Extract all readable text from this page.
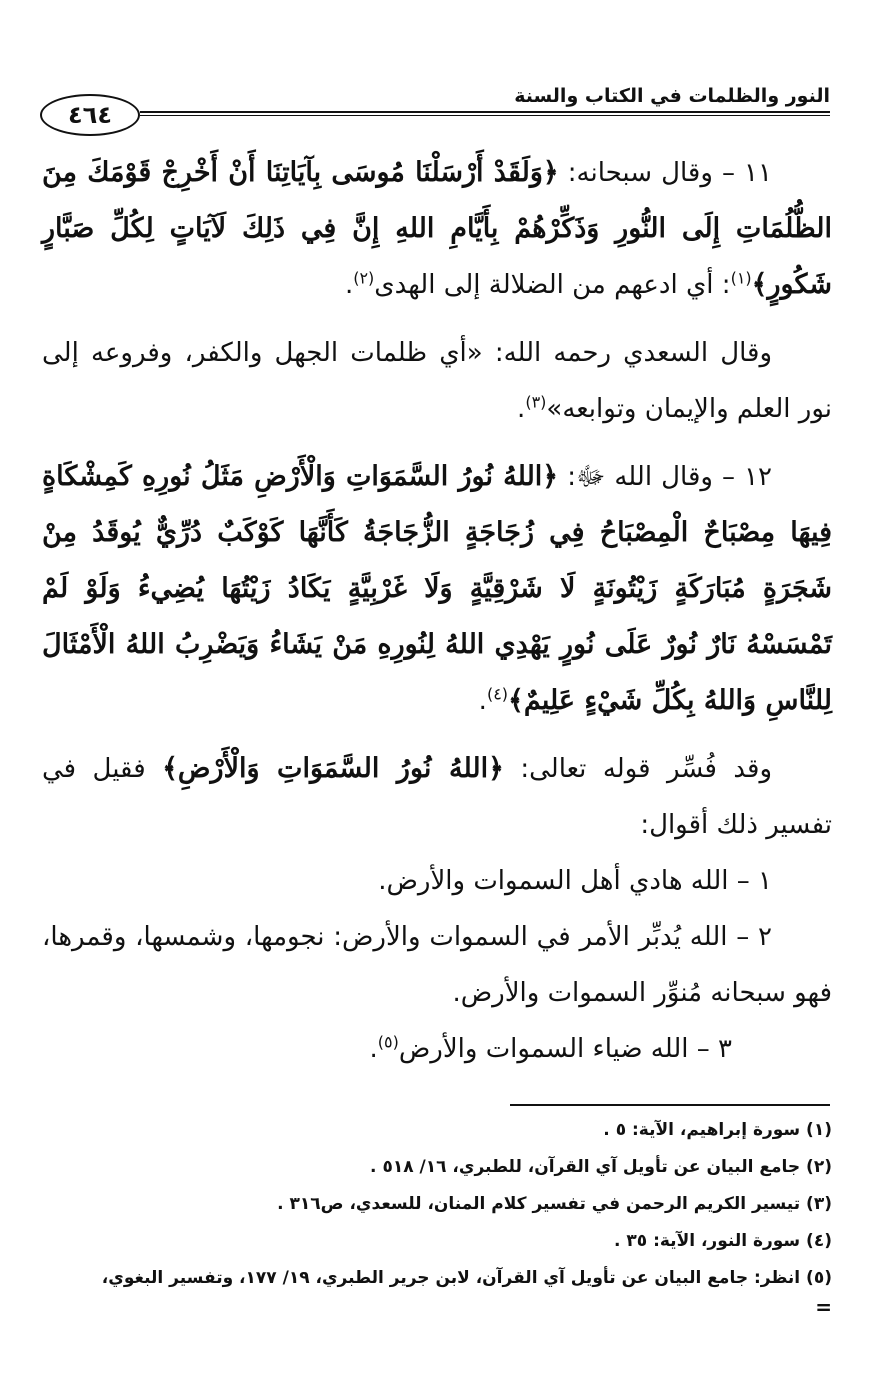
النور والظلمات في الكتاب والسنة
٤٦٤

١١ – وقال سبحانه: ﴿وَلَقَدْ أَرْسَلْنَا مُوسَى بِآيَاتِنَا أَنْ أَخْرِجْ قَوْمَكَ مِنَ الظُّلُمَاتِ إِلَى النُّورِ وَذَكِّرْهُمْ بِأَيَّامِ اللهِ إِنَّ فِي ذَلِكَ لَآيَاتٍ لِكُلِّ صَبَّارٍ شَكُورٍ﴾$^{(١)}$: أي ادعهم من الضلالة إلى الهدى$^{(٢)}$.

وقال السعدي رحمه الله: «أي ظلمات الجهل والكفر، وفروعه إلى نور العلم والإيمان وتوابعه»$^{(٣)}$.

١٢ – وقال الله ﷻ: ﴿اللهُ نُورُ السَّمَوَاتِ وَالْأَرْضِ مَثَلُ نُورِهِ كَمِشْكَاةٍ فِيهَا مِصْبَاحٌ الْمِصْبَاحُ فِي زُجَاجَةٍ الزُّجَاجَةُ كَأَنَّهَا كَوْكَبٌ دُرِّيٌّ يُوقَدُ مِنْ شَجَرَةٍ مُبَارَكَةٍ زَيْتُونَةٍ لَا شَرْقِيَّةٍ وَلَا غَرْبِيَّةٍ يَكَادُ زَيْتُهَا يُضِيءُ وَلَوْ لَمْ تَمْسَسْهُ نَارٌ نُورٌ عَلَى نُورٍ يَهْدِي اللهُ لِنُورِهِ مَنْ يَشَاءُ وَيَضْرِبُ اللهُ الْأَمْثَالَ لِلنَّاسِ وَاللهُ بِكُلِّ شَيْءٍ عَلِيمٌ﴾$^{(٤)}$.

وقد فُسِّر قوله تعالى: ﴿اللهُ نُورُ السَّمَوَاتِ وَالْأَرْضِ﴾ فقيل في تفسير ذلك أقوال:

١ – الله هادي أهل السموات والأرض.

٢ – الله يُدبِّر الأمر في السموات والأرض: نجومها، وشمسها، وقمرها، فهو سبحانه مُنوِّر السموات والأرض.

٣ – الله ضياء السموات والأرض$^{(٥)}$.

(١) سورة إبراهيم، الآية: ٥ .

(٢) جامع البيان عن تأويل آي القرآن، للطبري، ١٦/ ٥١٨ .

(٣) تيسير الكريم الرحمن في تفسير كلام المنان، للسعدي، ص٣١٦ .

(٤) سورة النور، الآية: ٣٥ .

(٥) انظر: جامع البيان عن تأويل آي القرآن، لابن جرير الطبري، ١٩/ ١٧٧، وتفسير البغوي،

=
